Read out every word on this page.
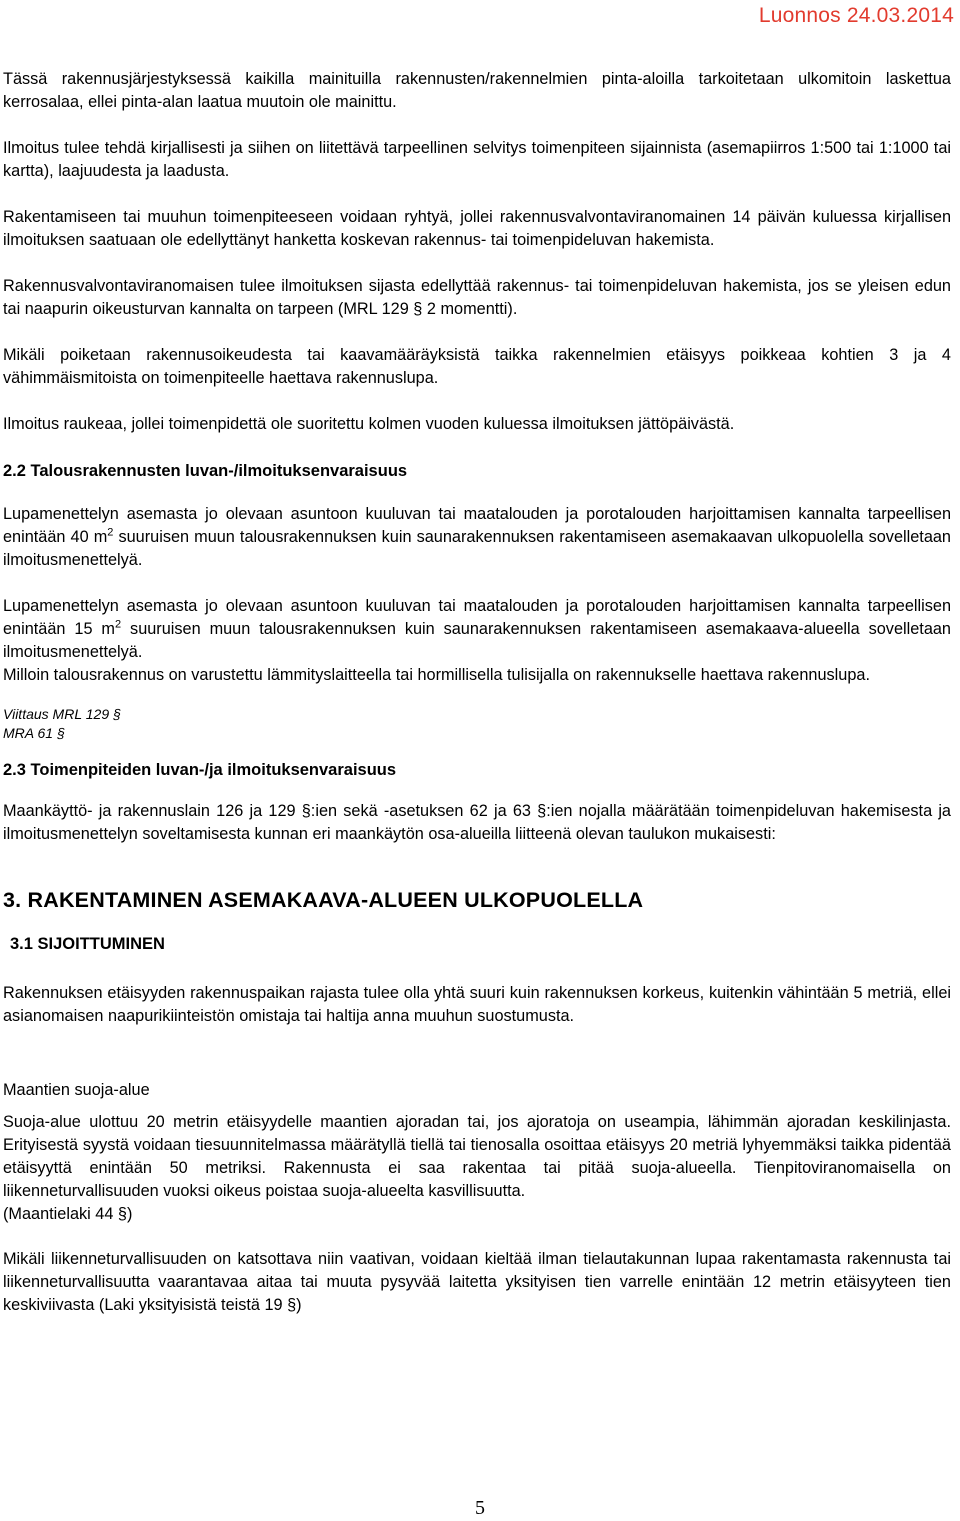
Luonnos 24.03.2014

Tässä rakennusjärjestyksessä kaikilla mainituilla rakennusten/rakennelmien pinta-aloilla tarkoitetaan ulkomitoin laskettua kerrosalaa, ellei pinta-alan laatua muutoin ole mainittu.

Ilmoitus tulee tehdä kirjallisesti ja siihen on liitettävä tarpeellinen selvitys toimenpiteen sijainnista (asemapiirros 1:500 tai 1:1000 tai kartta), laajuudesta ja laadusta.

Rakentamiseen tai muuhun toimenpiteeseen voidaan ryhtyä, jollei rakennusvalvontaviranomainen 14 päivän kuluessa kirjallisen ilmoituksen saatuaan ole edellyttänyt hanketta koskevan rakennus- tai toimenpideluvan hakemista.

Rakennusvalvontaviranomaisen tulee ilmoituksen sijasta edellyttää rakennus- tai toimenpideluvan hakemista, jos se yleisen edun tai naapurin oikeusturvan kannalta on tarpeen (MRL 129 § 2 momentti).

Mikäli poiketaan rakennusoikeudesta tai kaavamääräyksistä taikka rakennelmien etäisyys poikkeaa kohtien 3 ja 4 vähimmäismitoista on toimenpiteelle haettava rakennuslupa.

Ilmoitus raukeaa, jollei toimenpidettä ole suoritettu kolmen vuoden kuluessa ilmoituksen jättöpäivästä.

2.2 Talousrakennusten luvan-/ilmoituksenvaraisuus

Lupamenettelyn asemasta jo olevaan asuntoon kuuluvan tai maatalouden ja porotalouden harjoittamisen kannalta tarpeellisen enintään 40 $m^2$ suuruisen muun talousrakennuksen kuin saunarakennuksen rakentamiseen asemakaavan ulkopuolella sovelletaan ilmoitusmenettelyä.

Lupamenettelyn asemasta jo olevaan asuntoon kuuluvan tai maatalouden ja porotalouden harjoittamisen kannalta tarpeellisen enintään 15 $m^2$ suuruisen muun talousrakennuksen kuin saunarakennuksen rakentamiseen asemakaava-alueella sovelletaan ilmoitusmenettelyä.

Milloin talousrakennus on varustettu lämmityslaitteella tai hormillisella tulisijalla on rakennukselle haettava rakennuslupa.

Viittaus MRL 129 §

MRA 61 §

2.3 Toimenpiteiden luvan-/ja ilmoituksenvaraisuus

Maankäyttö- ja rakennuslain 126 ja 129 §:ien sekä -asetuksen 62 ja 63 §:ien nojalla määrätään toimenpideluvan hakemisesta ja ilmoitusmenettelyn soveltamisesta kunnan eri maankäytön osa-alueilla liitteenä olevan taulukon mukaisesti:

3. RAKENTAMINEN ASEMAKAAVA-ALUEEN ULKOPUOLELLA
3.1 SIJOITTUMINEN

Rakennuksen etäisyyden rakennuspaikan rajasta tulee olla yhtä suuri kuin rakennuksen korkeus, kuitenkin vähintään 5 metriä, ellei asianomaisen naapurikiinteistön omistaja tai haltija anna muuhun suostumusta.

Maantien suoja-alue

Suoja-alue ulottuu 20 metrin etäisyydelle maantien ajoradan tai, jos ajoratoja on useampia, lähimmän ajoradan keskilinjasta. Erityisestä syystä voidaan tiesuunnitelmassa määrätyllä tiellä tai tienosalla osoittaa etäisyys 20 metriä lyhyemmäksi taikka pidentää etäisyyttä enintään 50 metriksi. Rakennusta ei saa rakentaa tai pitää suoja-alueella. Tienpitoviranomaisella on liikenneturvallisuuden vuoksi oikeus poistaa suoja-alueelta kasvillisuutta.

(Maantielaki 44 §)

Mikäli liikenneturvallisuuden on katsottava niin vaativan, voidaan kieltää ilman tielautakunnan lupaa rakentamasta rakennusta tai liikenneturvallisuutta vaarantavaa aitaa tai muuta pysyvää laitetta yksityisen tien varrelle enintään 12 metrin etäisyyteen tien keskiviivasta (Laki yksityisistä teistä 19 §)

5
